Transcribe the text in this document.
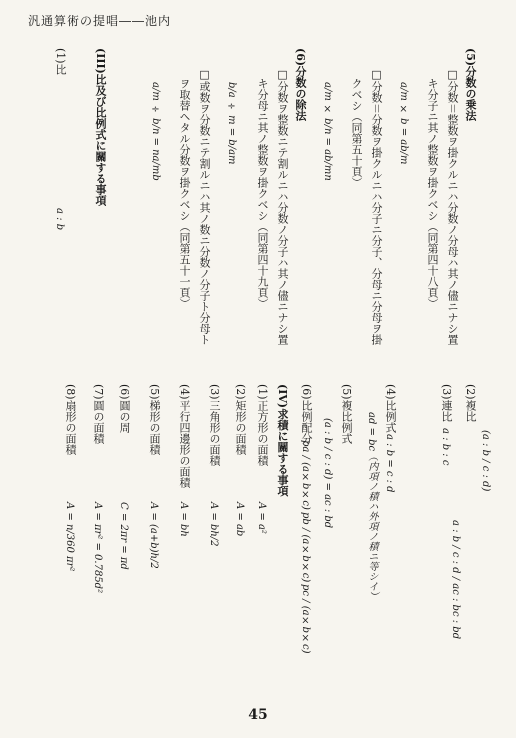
汎通算術の提唱――池内
(5)分数の乗法
□分数＝整数ヲ掛クルニハ分数ノ分母ハ其ノ儘ニナシ置
キ分子ニ其ノ整数ヲ掛クベシ（同第四十八頁）
a/m × b = ab/m
□分数＝分数ヲ掛クルニハ分子ニ分子、分母ニ分母ヲ掛
クベシ（同第五十頁）
a/m × b/n = ab/mn
(6)分数の除法
□分数ヲ整数ニテ割ルニハ分数ノ分子ハ其ノ儘ニナシ置
キ分母ニ其ノ整数ヲ掛クベシ（同第四十九頁）
b/a ÷ m = b/am
□或数ヲ分数ニテ割ルニハ其ノ数ニ分数ノ分子ト分母ト
ヲ取替ヘタル分数ヲ掛クベシ（同第五十一頁）
a/m ÷ b/n = na/mb
(III)比及び比例式に關する事項
(1)比
a : b
(2)複比
(a : b / c : d)
(3)連比
a : b : c
a : b / c : d / ac : bc : bd
(4)比例式
a : b = c : d
ad = bc（内項ノ積ハ外項ノ積ニ等シイ）
(5)複比例式
(a : b / c : d) = ac : bd
(6)比例配分
pa / (a×b×c)
pb / (a×b×c)
pc / (a×b×c)
(IV)求積に關する事項
(1)正方形の面積
A = a²
(2)矩形の面積
A = ab
(3)三角形の面積
A = bh/2
(4)平行四邊形の面積
A = bh
(5)梯形の面積
A = (a+b)h/2
(6)圓の周
C = 2πr = πd
(7)圓の面積
A = πr² = 0.785d²
(8)扇形の面積
A = n/360 πr²
45
